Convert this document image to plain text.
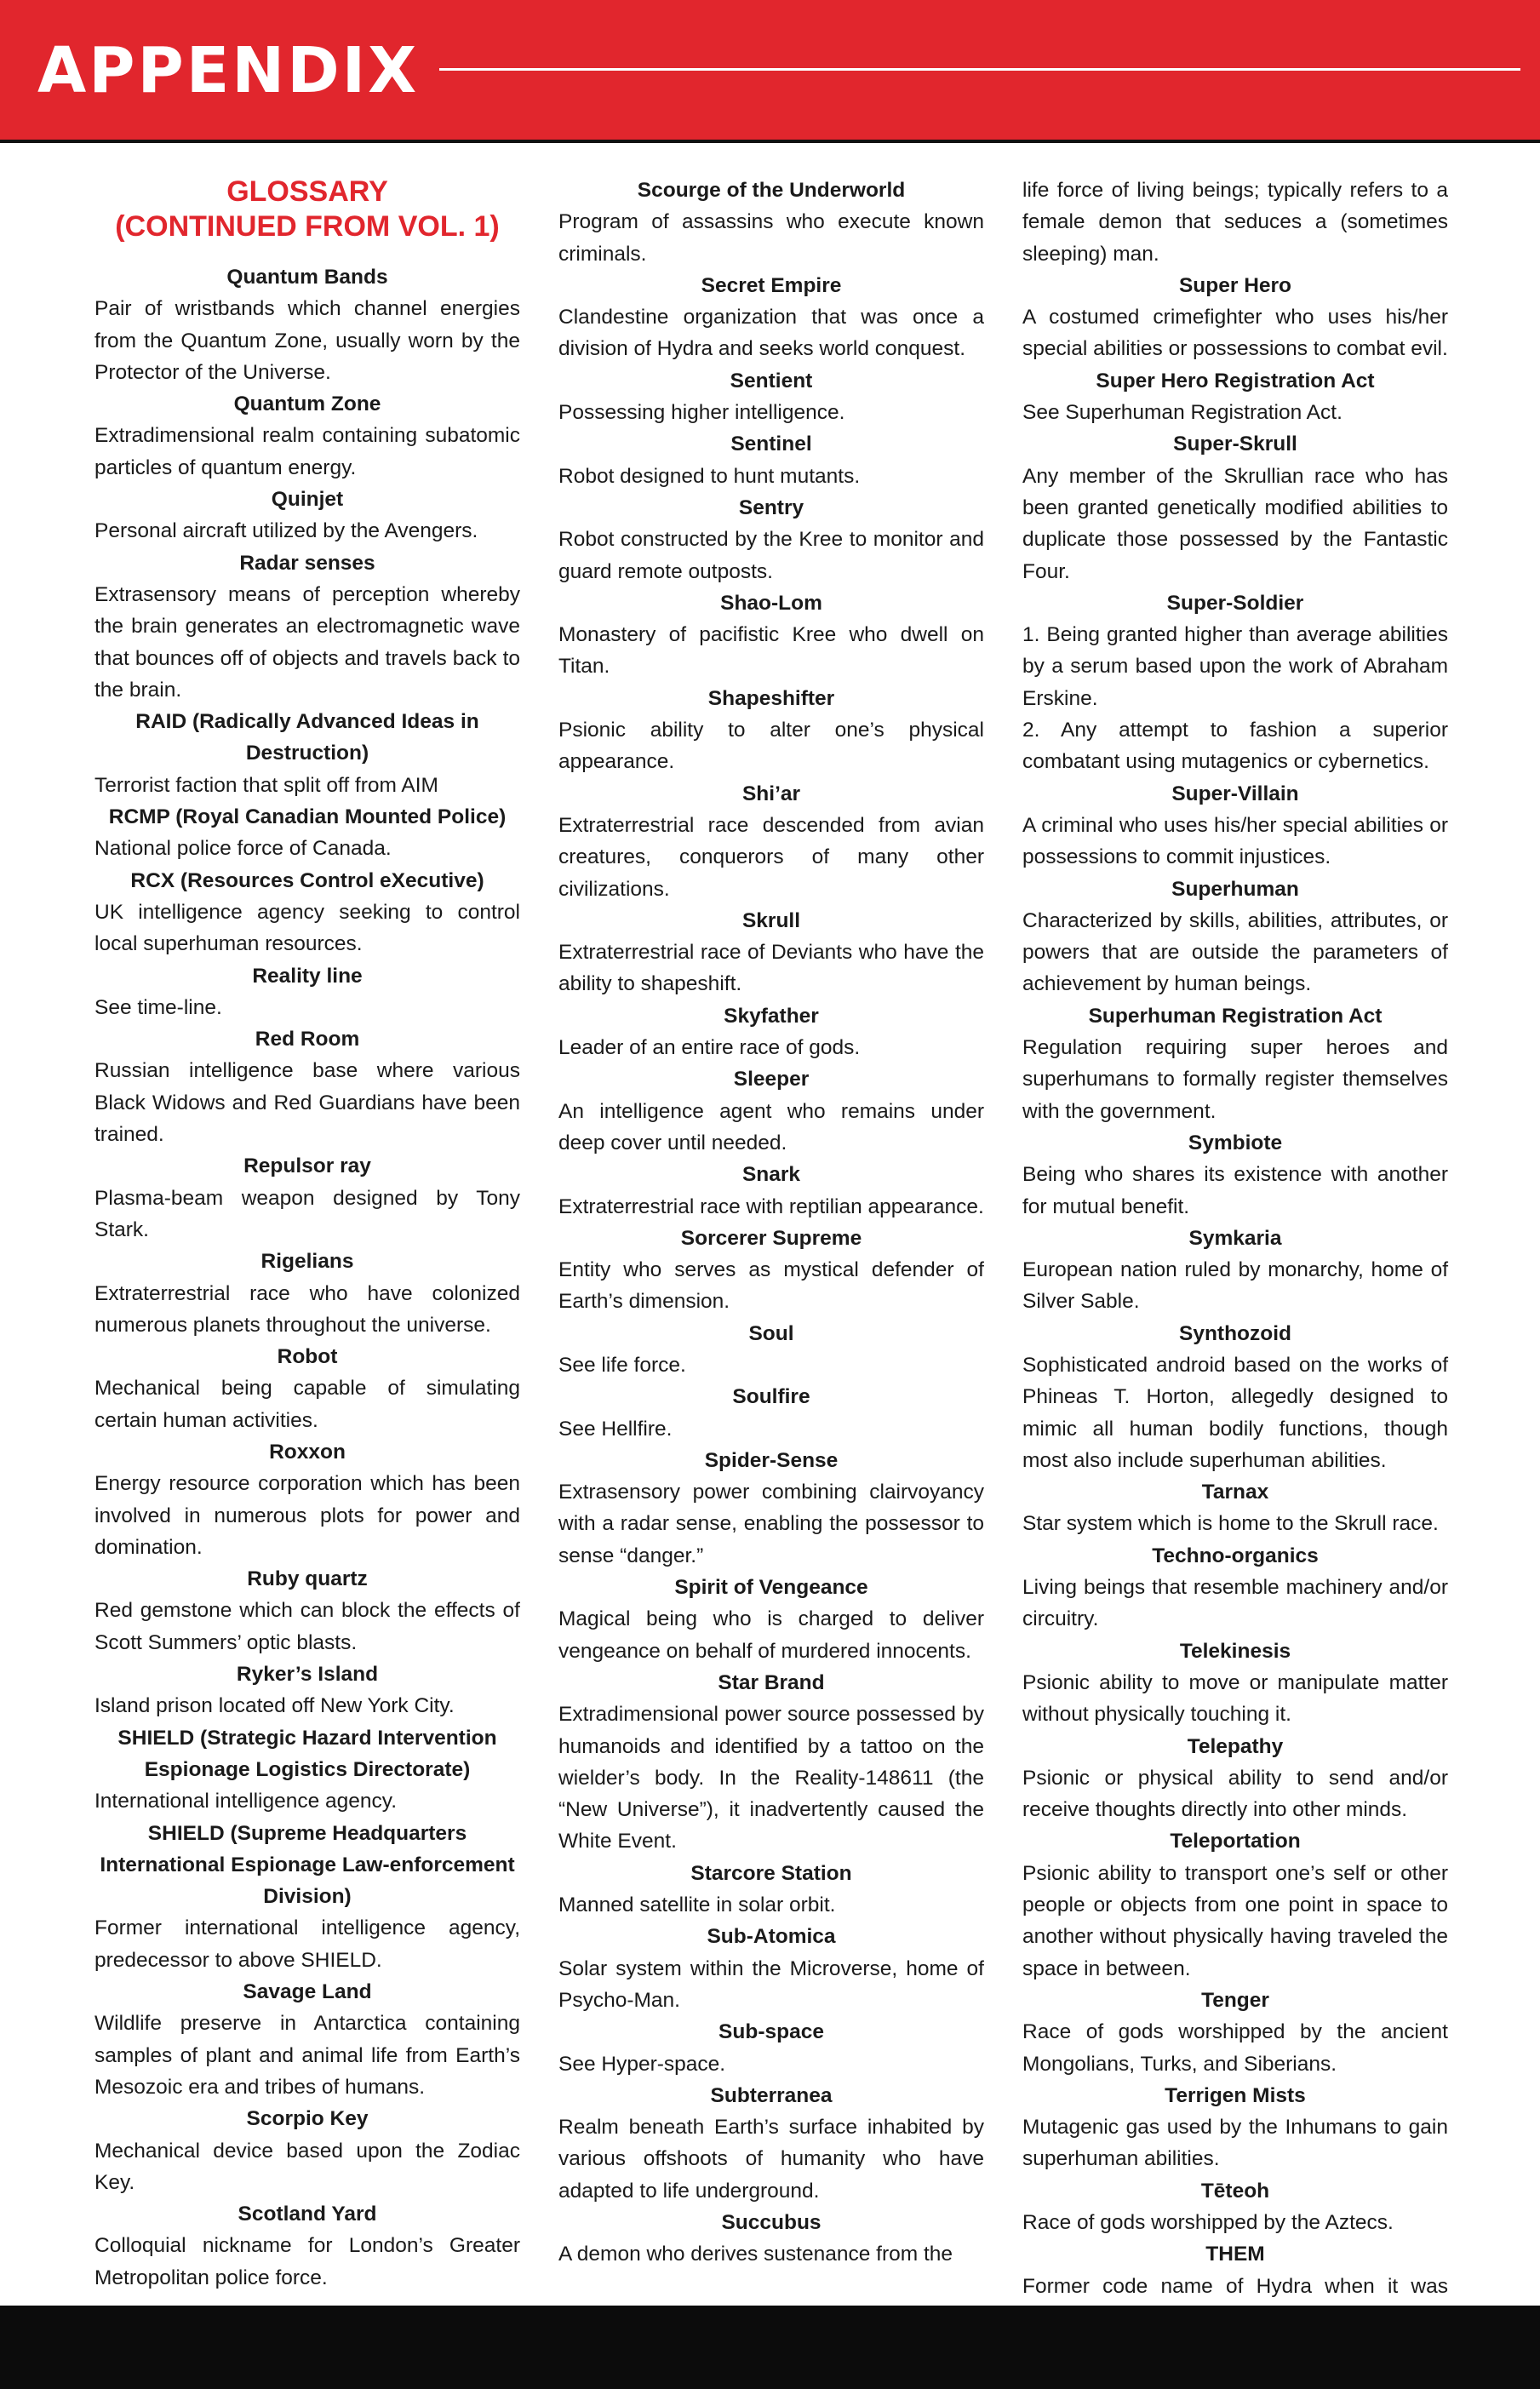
APPENDIX
GLOSSARY
(CONTINUED FROM VOL. 1)

Quantum Bands

Pair of wristbands which channel energies from the Quantum Zone, usually worn by the Protector of the Universe.

Quantum Zone

Extradimensional realm containing subatomic particles of quantum energy.

Quinjet

Personal aircraft utilized by the Avengers.

Radar senses

Extrasensory means of perception whereby the brain generates an electromagnetic wave that bounces off of objects and travels back to the brain.

RAID (Radically Advanced Ideas in Destruction)

Terrorist faction that split off from AIM

RCMP (Royal Canadian Mounted Police)

National police force of Canada.

RCX (Resources Control eXecutive)

UK intelligence agency seeking to control local superhuman resources.

Reality line

See time-line.

Red Room

Russian intelligence base where various Black Widows and Red Guardians have been trained.

Repulsor ray

Plasma-beam weapon designed by Tony Stark.

Rigelians

Extraterrestrial race who have colonized numerous planets throughout the universe.

Robot

Mechanical being capable of simulating certain human activities.

Roxxon

Energy resource corporation which has been involved in numerous plots for power and domination.

Ruby quartz

Red gemstone which can block the effects of Scott Summers’ optic blasts.

Ryker’s Island

Island prison located off New York City.

SHIELD (Strategic Hazard Intervention Espionage Logistics Directorate)

International intelligence agency.

SHIELD (Supreme Headquarters International Espionage Law-enforcement Division)

Former international intelligence agency, predecessor to above SHIELD.

Savage Land

Wildlife preserve in Antarctica containing samples of plant and animal life from Earth’s Mesozoic era and tribes of humans.

Scorpio Key

Mechanical device based upon the Zodiac Key.

Scotland Yard

Colloquial nickname for London’s Greater Metropolitan police force.

Scourge of the Underworld

Program of assassins who execute known criminals.

Secret Empire

Clandestine organization that was once a division of Hydra and seeks world conquest.

Sentient

Possessing higher intelligence.

Sentinel

Robot designed to hunt mutants.

Sentry

Robot constructed by the Kree to monitor and guard remote outposts.

Shao-Lom

Monastery of pacifistic Kree who dwell on Titan.

Shapeshifter

Psionic ability to alter one’s physical appearance.

Shi’ar

Extraterrestrial race descended from avian creatures, conquerors of many other civilizations.

Skrull

Extraterrestrial race of Deviants who have the ability to shapeshift.

Skyfather

Leader of an entire race of gods.

Sleeper

An intelligence agent who remains under deep cover until needed.

Snark

Extraterrestrial race with reptilian appearance.

Sorcerer Supreme

Entity who serves as mystical defender of Earth’s dimension.

Soul

See life force.

Soulfire

See Hellfire.

Spider-Sense

Extrasensory power combining clairvoyancy with a radar sense, enabling the possessor to sense “danger.”

Spirit of Vengeance

Magical being who is charged to deliver vengeance on behalf of murdered innocents.

Star Brand

Extradimensional power source possessed by humanoids and identified by a tattoo on the wielder’s body. In the Reality-148611 (the “New Universe”), it inadvertently caused the White Event.

Starcore Station

Manned satellite in solar orbit.

Sub-Atomica

Solar system within the Microverse, home of Psycho-Man.

Sub-space

See Hyper-space.

Subterranea

Realm beneath Earth’s surface inhabited by various offshoots of humanity who have adapted to life underground.

Succubus

A demon who derives sustenance from the

life force of living beings; typically refers to a female demon that seduces a (sometimes sleeping) man.

Super Hero

A costumed crimefighter who uses his/her special abilities or possessions to combat evil.

Super Hero Registration Act

See Superhuman Registration Act.

Super-Skrull

Any member of the Skrullian race who has been granted genetically modified abilities to duplicate those possessed by the Fantastic Four.

Super-Soldier

1. Being granted higher than average abilities by a serum based upon the work of Abraham Erskine.

2. Any attempt to fashion a superior combatant using mutagenics or cybernetics.

Super-Villain

A criminal who uses his/her special abilities or possessions to commit injustices.

Superhuman

Characterized by skills, abilities, attributes, or powers that are outside the parameters of achievement by human beings.

Superhuman Registration Act

Regulation requiring super heroes and superhumans to formally register themselves with the government.

Symbiote

Being who shares its existence with another for mutual benefit.

Symkaria

European nation ruled by monarchy, home of Silver Sable.

Synthozoid

Sophisticated android based on the works of Phineas T. Horton, allegedly designed to mimic all human bodily functions, though most also include superhuman abilities.

Tarnax

Star system which is home to the Skrull race.

Techno-organics

Living beings that resemble machinery and/or circuitry.

Telekinesis

Psionic ability to move or manipulate matter without physically touching it.

Telepathy

Psionic or physical ability to send and/or receive thoughts directly into other minds.

Teleportation

Psionic ability to transport one’s self or other people or objects from one point in space to another without physically having traveled the space in between.

Tenger

Race of gods worshipped by the ancient Mongolians, Turks, and Siberians.

Terrigen Mists

Mutagenic gas used by the Inhumans to gain superhuman abilities.

Tēteoh

Race of gods worshipped by the Aztecs.

THEM

Former code name of Hydra when it was
